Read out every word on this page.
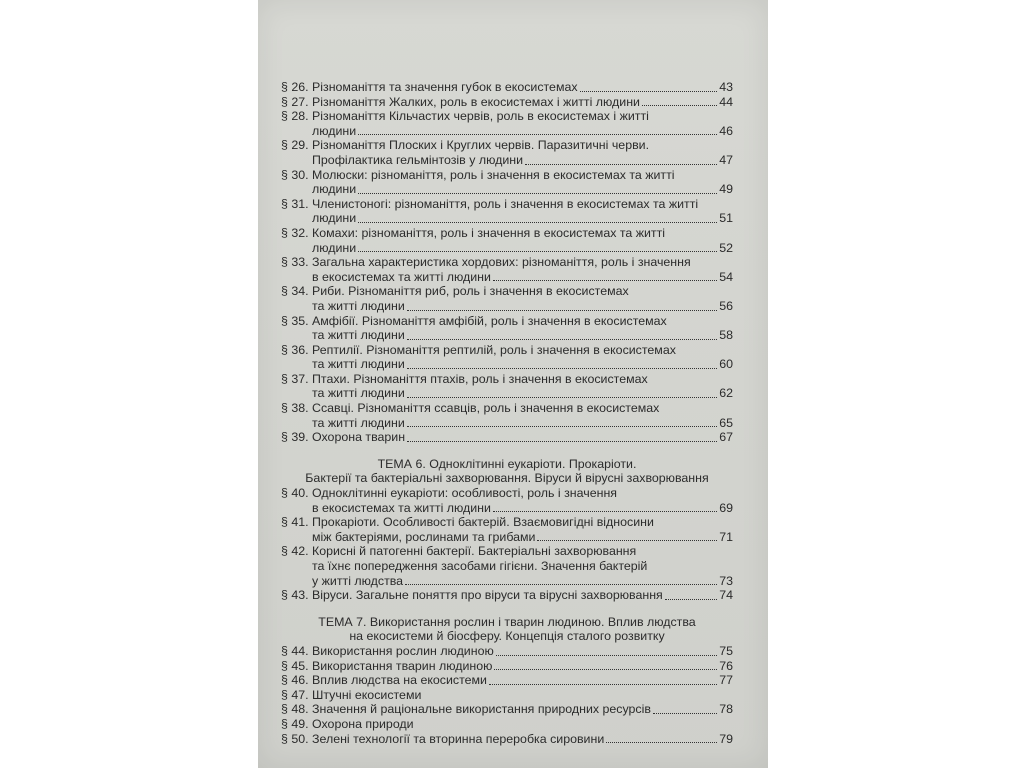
§ 26. Різноманіття та значення губок в екосистемах	43
§ 27. Різноманіття Жалких, роль в екосистемах і житті людини	44
§ 28. Різноманіття Кільчастих червів, роль в екосистемах і житті
людини	46
§ 29. Різноманіття Плоских і Круглих червів. Паразитичні черви.
Профілактика гельмінтозів у людини	47
§ 30. Молюски: різноманіття, роль і значення в екосистемах та житті
людини	49
§ 31. Членистоногі: різноманіття, роль і значення в екосистемах та житті
людини	51
§ 32. Комахи: різноманіття, роль і значення в екосистемах та житті
людини	52
§ 33. Загальна характеристика хордових: різноманіття, роль і значення
в екосистемах та житті людини	54
§ 34. Риби. Різноманіття риб, роль і значення в екосистемах
та житті людини	56
§ 35. Амфібії. Різноманіття амфібій, роль і значення в екосистемах
та житті людини	58
§ 36. Рептилії. Різноманіття рептилій, роль і значення в екосистемах
та житті людини	60
§ 37. Птахи. Різноманіття птахів, роль і значення в екосистемах
та житті людини	62
§ 38. Ссавці. Різноманіття ссавців, роль і значення в екосистемах
та житті людини	65
§ 39. Охорона тварин	67
ТЕМА 6. Одноклітинні еукаріоти. Прокаріоти.
Бактерії та бактеріальні захворювання. Віруси й вірусні захворювання
§ 40. Одноклітинні еукаріоти: особливості, роль і значення
в екосистемах та житті людини	69
§ 41. Прокаріоти. Особливості бактерій. Взаємовигідні відносини
між бактеріями, рослинами та грибами	71
§ 42. Корисні й патогенні бактерії. Бактеріальні захворювання
та їхнє попередження засобами гігієни. Значення бактерій
у житті людства	73
§ 43. Віруси. Загальне поняття про віруси та вірусні захворювання	74
ТЕМА 7. Використання рослин і тварин людиною. Вплив людства
на екосистеми й біосферу. Концепція сталого розвитку
§ 44. Використання рослин людиною	75
§ 45. Використання тварин людиною	76
§ 46. Вплив людства на екосистеми	77
§ 47. Штучні екосистеми
§ 48. Значення й раціональне використання природних ресурсів	78
§ 49. Охорона природи
§ 50. Зелені технології та вторинна переробка сировини	79
